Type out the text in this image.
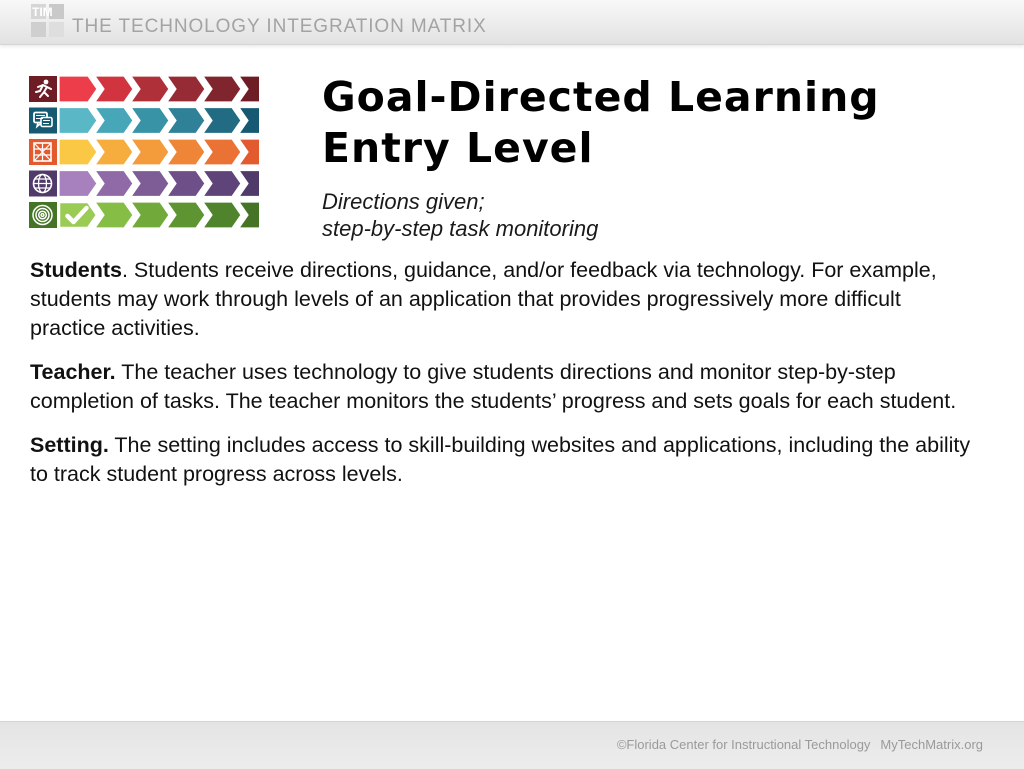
TIM
THE TECHNOLOGY INTEGRATION MATRIX
Goal-Directed Learning
Entry Level
Directions given;
step-by-step task monitoring

Students. Students receive directions, guidance, and/or feedback via technology. For example, students may work through levels of an application that provides progressively more difficult practice activities.

Teacher. The teacher uses technology to give students directions and monitor step-by-step completion of tasks. The teacher monitors the students’ progress and sets goals for each student.

Setting. The setting includes access to skill-building websites and applications, including the ability to track student progress across levels.

©Florida Center for Instructional Technology MyTechMatrix.org
